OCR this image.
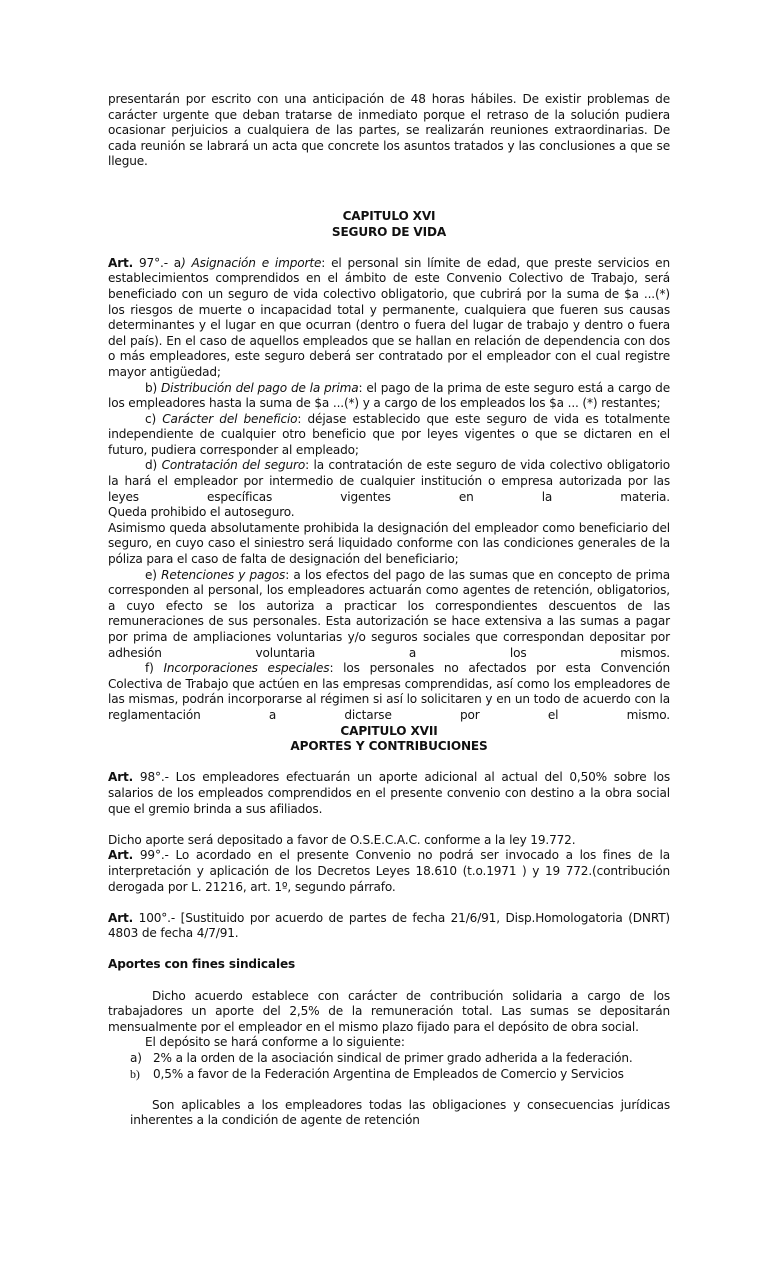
presentarán por escrito con una anticipación de 48 horas hábiles. De existir problemas de carácter urgente que deban tratarse de inmediato porque el retraso de la solución pudiera ocasionar perjuicios a cualquiera de las partes, se realizarán reuniones extraordinarias. De cada reunión se labrará un acta que concrete los asuntos tratados y las conclusiones a que se llegue.

CAPITULO XVI
SEGURO DE VIDA

Art. 97°.- a) Asignación e importe: el personal sin límite de edad, que preste servicios en establecimientos comprendidos en el ámbito de este Convenio Colectivo de Trabajo, será beneficiado con un seguro de vida colectivo obligatorio, que cubrirá por la suma de $a ...(*) los riesgos de muerte o incapacidad total y permanente, cualquiera que fueren sus causas determinantes y el lugar en que ocurran (dentro o fuera del lugar de trabajo y dentro o fuera del país). En el caso de aquellos empleados que se hallan en relación de dependencia con dos o más empleadores, este seguro deberá ser contratado por el empleador con el cual registre mayor antigüedad;

b) Distribución del pago de la prima: el pago de la prima de este seguro está a cargo de los empleadores hasta la suma de $a ...(*) y a cargo de los empleados los $a ... (*) restantes;

c) Carácter del beneficio: déjase establecido que este seguro de vida es totalmente independiente de cualquier otro beneficio que por leyes vigentes o que se dictaren en el futuro, pudiera corresponder al empleado;

d) Contratación del seguro: la contratación de este seguro de vida colectivo obligatorio la hará el empleador por intermedio de cualquier institución o empresa autorizada por las leyes específicas vigentes en la materia.

Queda prohibido el autoseguro.

Asimismo queda absolutamente prohibida la designación del empleador como beneficiario del seguro, en cuyo caso el siniestro será liquidado conforme con las condiciones generales de la póliza para el caso de falta de designación del beneficiario;

e) Retenciones y pagos: a los efectos del pago de las sumas que en concepto de prima corresponden al personal, los empleadores actuarán como agentes de retención, obligatorios, a cuyo efecto se los autoriza a practicar los correspondientes descuentos de las remuneraciones de sus personales. Esta autorización se hace extensiva a las sumas a pagar por prima de ampliaciones voluntarias y/o seguros sociales que correspondan depositar por adhesión voluntaria a los mismos.

f) Incorporaciones especiales: los personales no afectados por esta Convención Colectiva de Trabajo que actúen en las empresas comprendidas, así como los empleadores de las mismas, podrán incorporarse al régimen si así lo solicitaren y en un todo de acuerdo con la reglamentación a dictarse por el mismo.

CAPITULO XVII
APORTES Y CONTRIBUCIONES

Art. 98°.- Los empleadores efectuarán un aporte adicional al actual del 0,50% sobre los salarios de los empleados comprendidos en el presente convenio con destino a la obra social que el gremio brinda a sus afiliados.

Dicho aporte será depositado a favor de O.S.E.C.A.C. conforme a la ley 19.772.

Art. 99°.- Lo acordado en el presente Convenio no podrá ser invocado a los fines de la interpretación y aplicación de los Decretos Leyes 18.610 (t.o.1971 ) y 19 772.(contribución derogada por L. 21216, art. 1º, segundo párrafo.

Art. 100°.- [Sustituido por acuerdo de partes de fecha 21/6/91, Disp.Homologatoria (DNRT) 4803 de fecha 4/7/91.

Aportes con fines sindicales

Dicho acuerdo establece con carácter de contribución solidaria a cargo de los trabajadores un aporte del 2,5% de la remuneración total. Las sumas se depositarán mensualmente por el empleador en el mismo plazo fijado para el depósito de obra social.

El depósito se hará conforme a lo siguiente:

a) 2% a la orden de la asociación sindical de primer grado adherida a la federación.
b)	0,5% a favor de la Federación Argentina de Empleados de Comercio y Servicios

Son aplicables a los empleadores todas las obligaciones y consecuencias jurídicas inherentes a la condición de agente de retención
